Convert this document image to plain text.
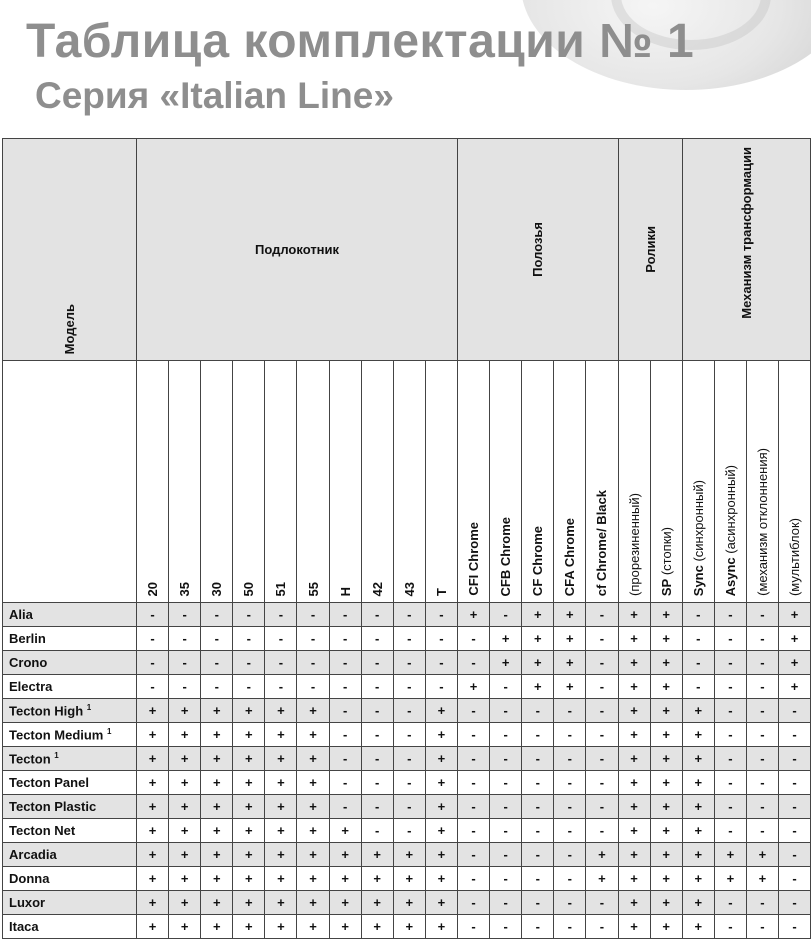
Таблица комплектации № 1
Серия «Italian Line»
Модель	Подлокотник										Полозья					Ролики		Механизм трансформации			

	20	35	30	50	51	55	H	42	43	T	CFI Chrome	CFB Chrome	CF Chrome	CFA Chrome	cf Chrome/ Black	(прорезиненный)	SP (стопки)	Sync (синхронный)	Async (асинхронный)	(механизм отклоннения)	(мультиблок)

Alia	-	-	-	-	-	-	-	-	-	-	+	-	+	+	-	+	+	-	-	-	+
Berlin	-	-	-	-	-	-	-	-	-	-	-	+	+	+	-	+	+	-	-	-	+
Crono	-	-	-	-	-	-	-	-	-	-	-	+	+	+	-	+	+	-	-	-	+
Electra	-	-	-	-	-	-	-	-	-	-	+	-	+	+	-	+	+	-	-	-	+
Tecton High $^1$	+	+	+	+	+	+	-	-	-	+	-	-	-	-	-	+	+	+	-	-	-
Tecton Medium $^1$	+	+	+	+	+	+	-	-	-	+	-	-	-	-	-	+	+	+	-	-	-
Tecton $^1$	+	+	+	+	+	+	-	-	-	+	-	-	-	-	-	+	+	+	-	-	-
Tecton Panel	+	+	+	+	+	+	-	-	-	+	-	-	-	-	-	+	+	+	-	-	-
Tecton Plastic	+	+	+	+	+	+	-	-	-	+	-	-	-	-	-	+	+	+	-	-	-
Tecton Net	+	+	+	+	+	+	+	-	-	+	-	-	-	-	-	+	+	+	-	-	-
Arcadia	+	+	+	+	+	+	+	+	+	+	-	-	-	-	+	+	+	+	+	+	-
Donna	+	+	+	+	+	+	+	+	+	+	-	-	-	-	+	+	+	+	+	+	-
Luxor	+	+	+	+	+	+	+	+	+	+	-	-	-	-	-	+	+	+	-	-	-
Itaca	+	+	+	+	+	+	+	+	+	+	-	-	-	-	-	+	+	+	-	-	-
